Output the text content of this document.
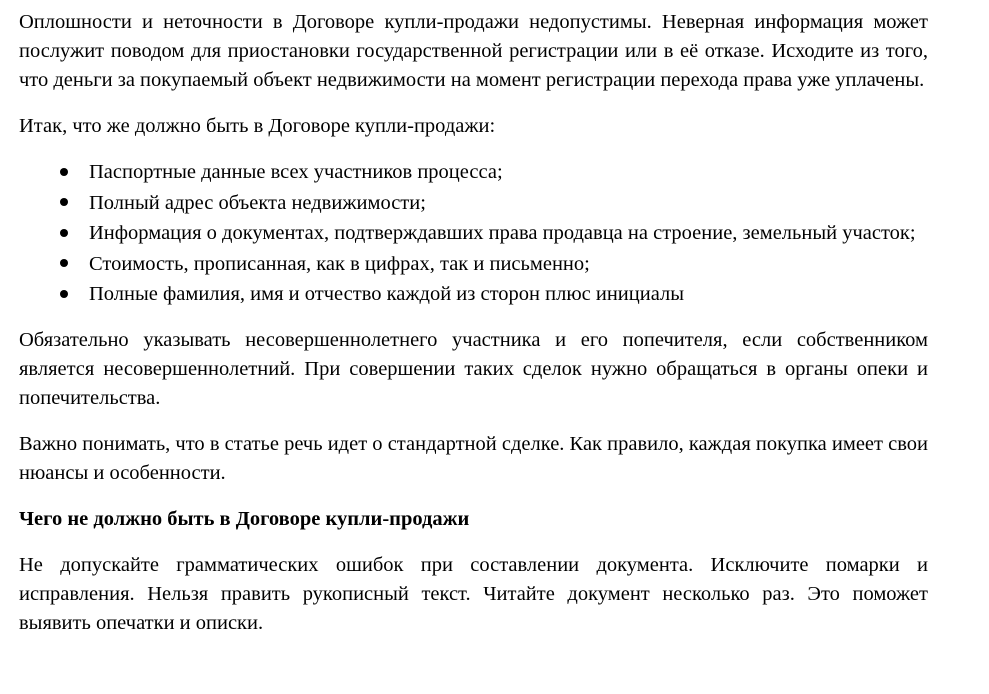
Оплошности и неточности в Договоре купли-продажи недопустимы. Неверная информация может послужит поводом для приостановки государственной регистрации или в её отказе. Исходите из того, что деньги за покупаемый объект недвижимости на момент регистрации перехода права уже уплачены.

Итак, что же должно быть в Договоре купли-продажи:

Паспортные данные всех участников процесса;
Полный адрес объекта недвижимости;
Информация о документах, подтверждавших права продавца на строение, земельный участок;
Стоимость, прописанная, как в цифрах, так и письменно;
Полные фамилия, имя и отчество каждой из сторон плюс инициалы

Обязательно указывать несовершеннолетнего участника и его попечителя, если собственником является несовершеннолетний. При совершении таких сделок нужно обращаться в органы опеки и попечительства.

Важно понимать, что в статье речь идет о стандартной сделке. Как правило, каждая покупка имеет свои нюансы и особенности.

Чего не должно быть в Договоре купли-продажи

Не допускайте грамматических ошибок при составлении документа. Исключите помарки и исправления. Нельзя править рукописный текст. Читайте документ несколько раз. Это поможет выявить опечатки и описки.
